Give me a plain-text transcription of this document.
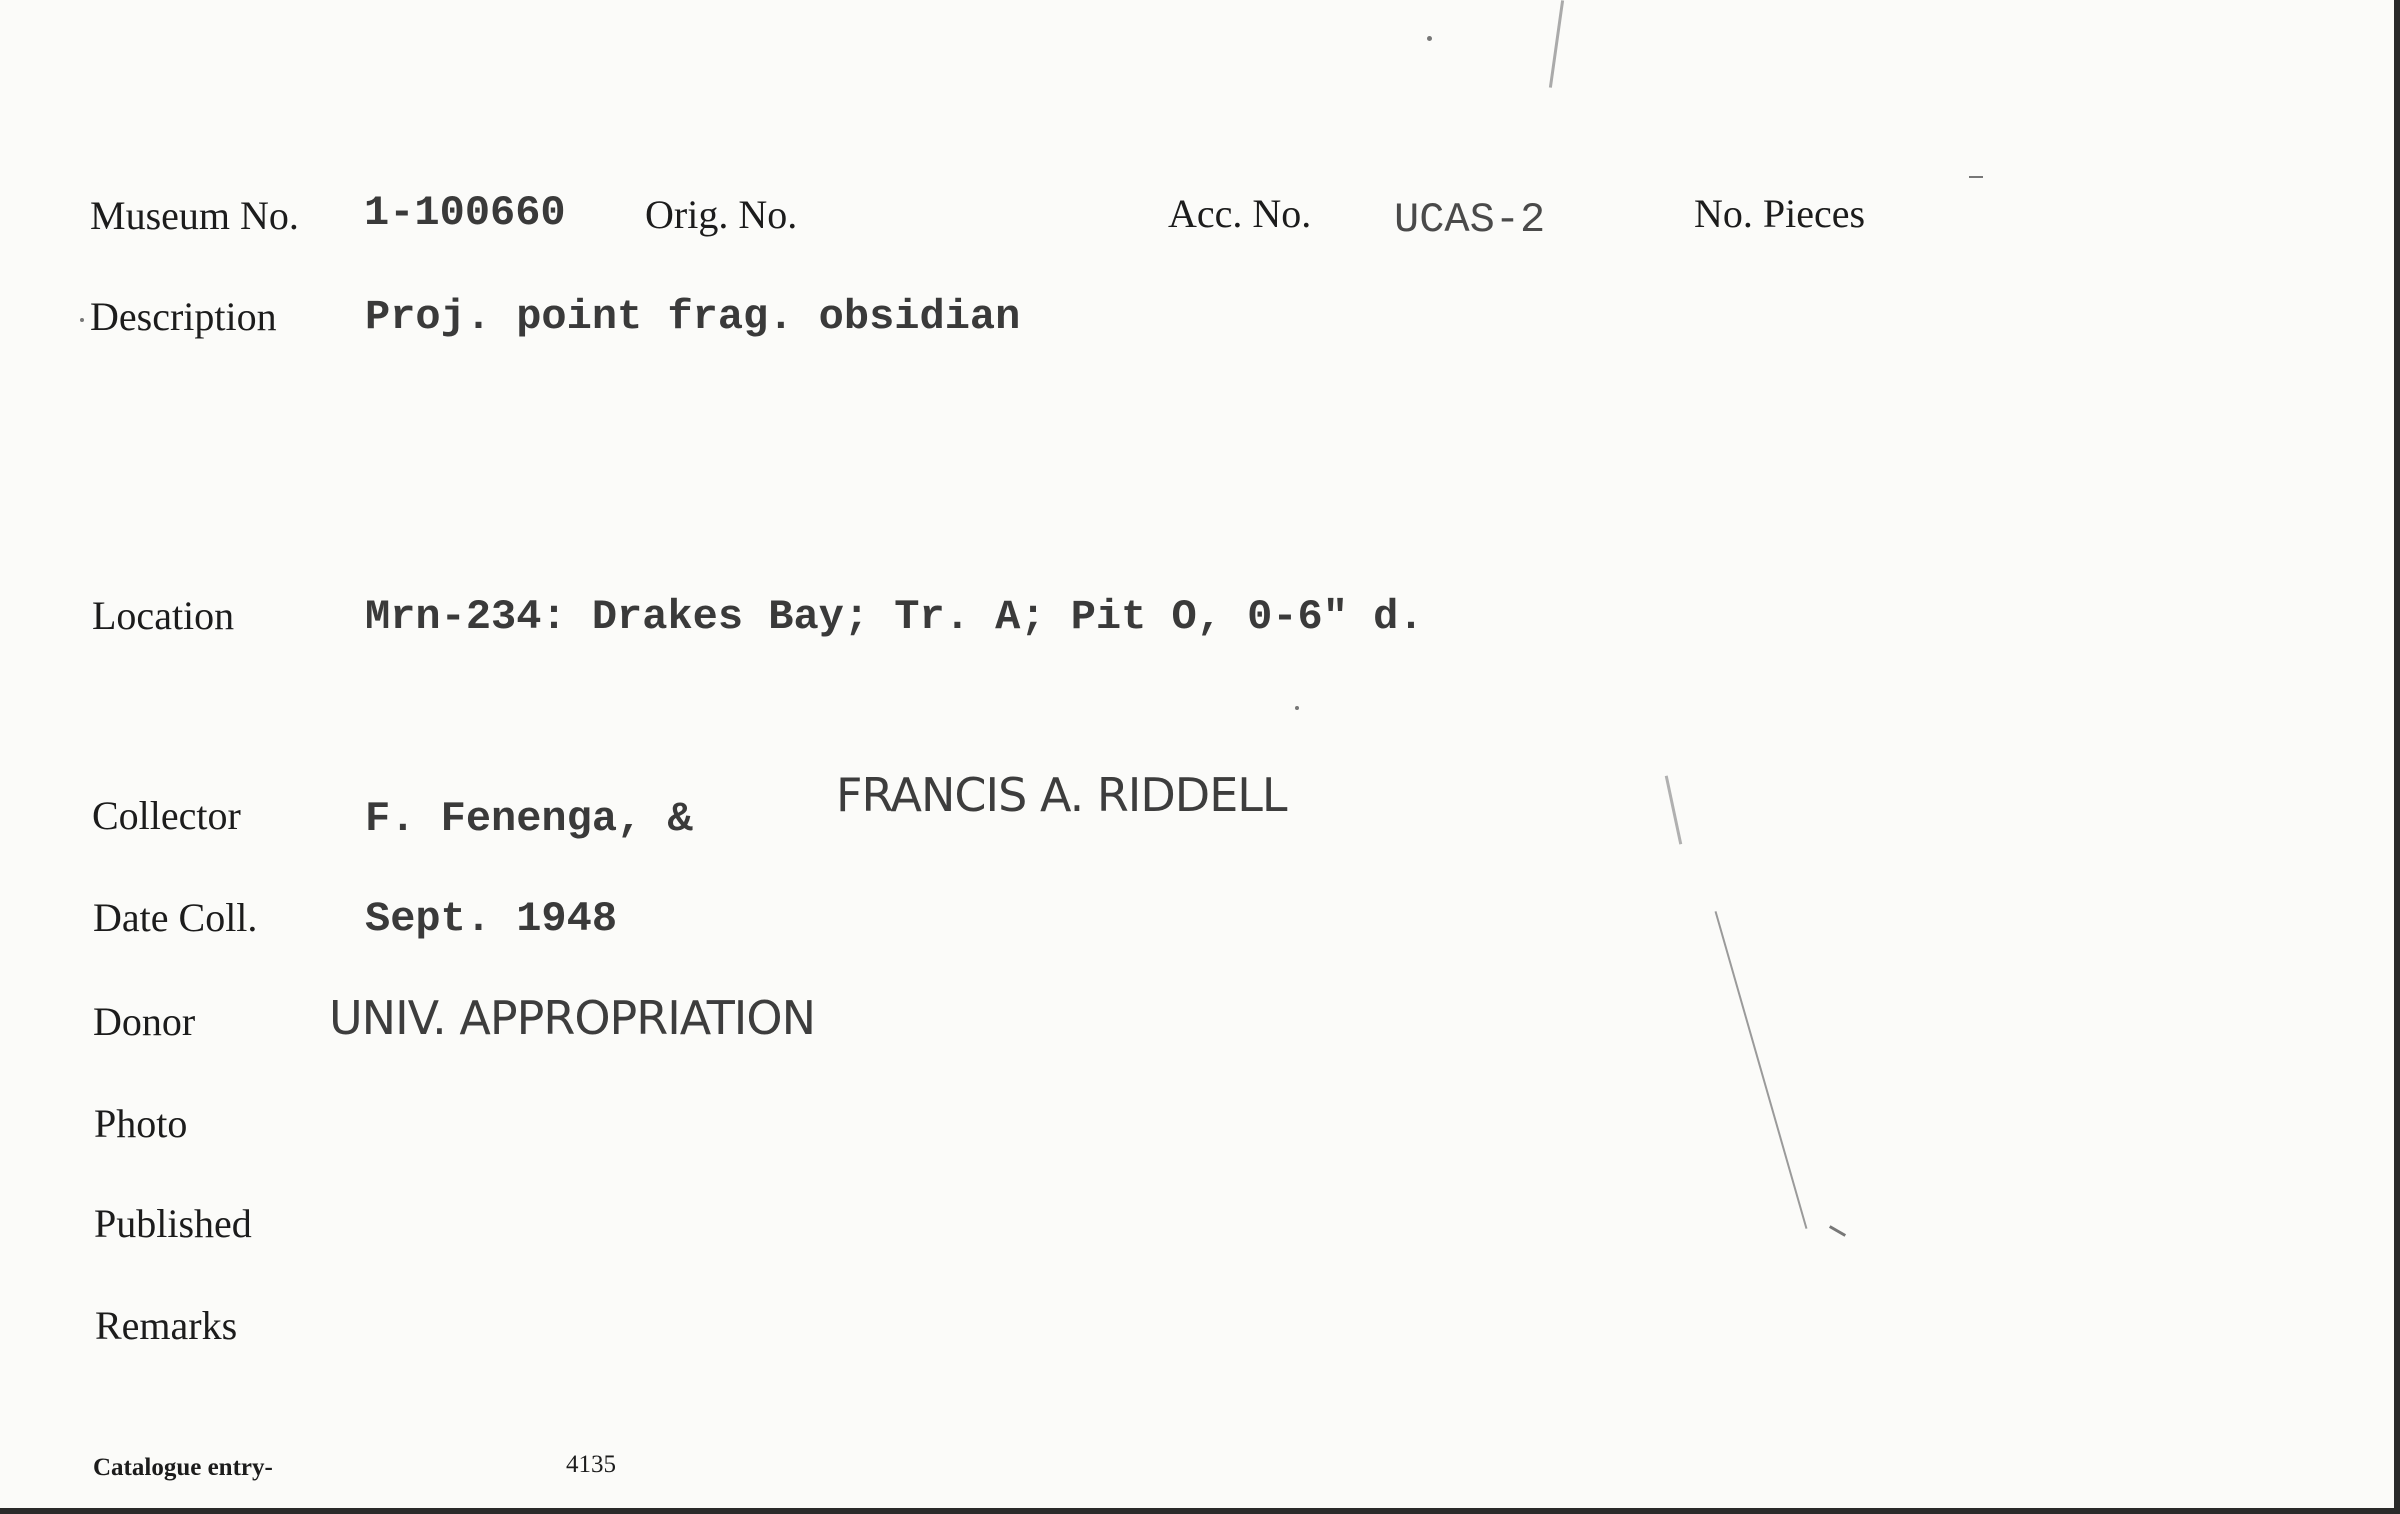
Museum No. 1-100660 Orig. No.	Acc. No. UCAS-2	No. Pieces
Description Proj. point frag. obsidian
Location	Mrn-234: Drakes Bay; Tr. A; Pit O, 0-6" d.
Collector	F. Fenenga, &	FRANCIS A. RIDDELL
Date Coll.	Sept. 1948
Donor	UNIV. APPROPRIATION
Photo
Published
Remarks
Catalogue entry-	4135
